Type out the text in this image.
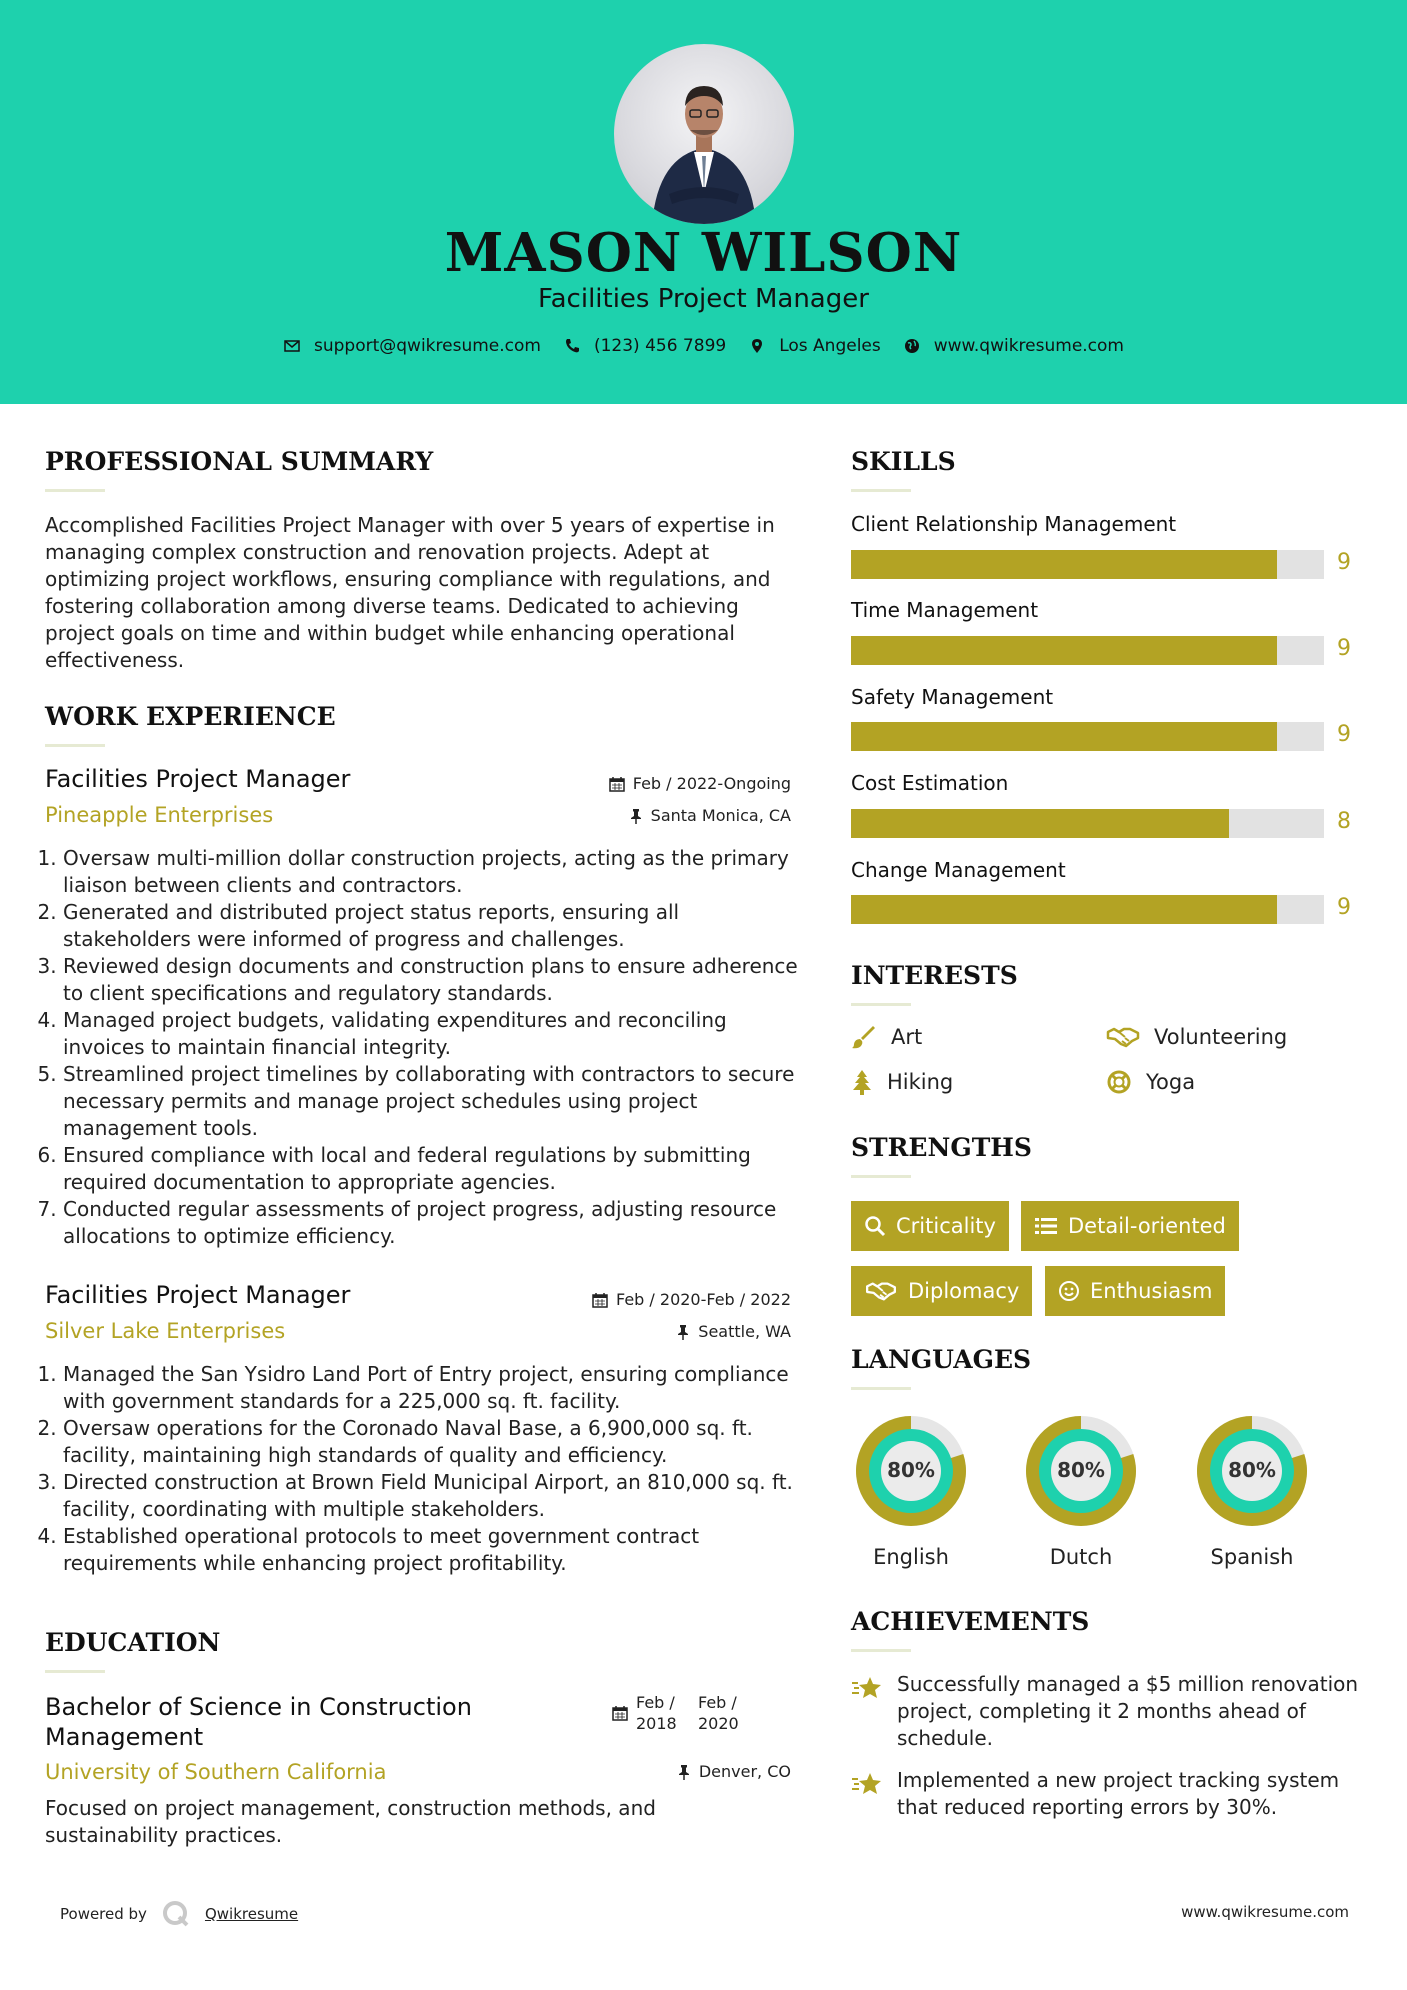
MASON WILSON
Facilities Project Manager
support@qwikresume.com	(123) 456 7899	Los Angeles	www.qwikresume.com
PROFESSIONAL SUMMARY
Accomplished Facilities Project Manager with over 5 years of expertise in managing complex construction and renovation projects. Adept at optimizing project workflows, ensuring compliance with regulations, and fostering collaboration among diverse teams. Dedicated to achieving project goals on time and within budget while enhancing operational effectiveness.
WORK EXPERIENCE
Facilities Project Manager	Feb / 2022-Ongoing
Pineapple Enterprises	Santa Monica, CA
1. Oversaw multi-million dollar construction projects, acting as the primary liaison between clients and contractors.
2. Generated and distributed project status reports, ensuring all stakeholders were informed of progress and challenges.
3. Reviewed design documents and construction plans to ensure adherence to client specifications and regulatory standards.
4. Managed project budgets, validating expenditures and reconciling invoices to maintain financial integrity.
5. Streamlined project timelines by collaborating with contractors to secure necessary permits and manage project schedules using project management tools.
6. Ensured compliance with local and federal regulations by submitting required documentation to appropriate agencies.
7. Conducted regular assessments of project progress, adjusting resource allocations to optimize efficiency.
Facilities Project Manager	Feb / 2020-Feb / 2022
Silver Lake Enterprises	Seattle, WA
1. Managed the San Ysidro Land Port of Entry project, ensuring compliance with government standards for a 225,000 sq. ft. facility.
2. Oversaw operations for the Coronado Naval Base, a 6,900,000 sq. ft. facility, maintaining high standards of quality and efficiency.
3. Directed construction at Brown Field Municipal Airport, an 810,000 sq. ft. facility, coordinating with multiple stakeholders.
4. Established operational protocols to meet government contract requirements while enhancing project profitability.
EDUCATION
Bachelor of Science in Construction Management
Feb /
2018
Feb /
2020
University of Southern California	Denver, CO
Focused on project management, construction methods, and sustainability practices.
SKILLS
Client Relationship Management
9
Time Management
9
Safety Management
9
Cost Estimation
8
Change Management
9
INTERESTS
Art	Volunteering
Hiking	Yoga
STRENGTHS
Criticality	Detail-oriented
Diplomacy	Enthusiasm
LANGUAGES
80%
English
80%
Dutch
80%
Spanish
ACHIEVEMENTS
Successfully managed a $5 million renovation project, completing it 2 months ahead of schedule.
Implemented a new project tracking system that reduced reporting errors by 30%.
Powered by	Qwikresume	www.qwikresume.com
